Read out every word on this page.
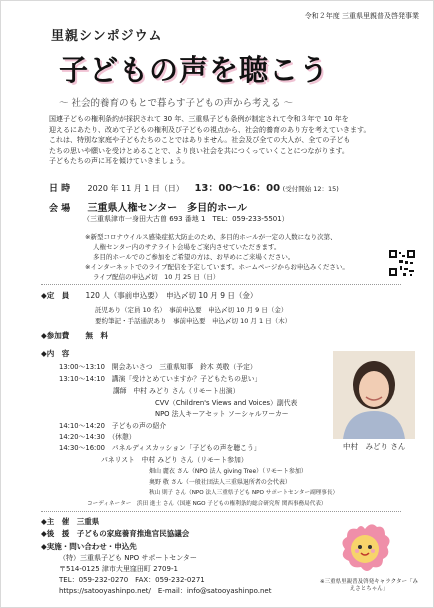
令和２年度 三重県里親普及啓発事業
里親シンポジウム
子どもの声を聴こう
〜 社会的養育のもとで暮らす子どもの声から考える 〜
国連子どもの権利条約が採択されて 30 年、三重県子ども条例が制定されて令和３年で 10 年を
迎えるにあたり、改めて子どもの権利及び子どもの視点から、社会的養育のあり方を考えていきます。
これは、特別な家庭や子どもたちのことではありません。社会及び全ての大人が、全ての子ども
たちの思いや願いを受けとめることで、より良い社会を共につくっていくことにつながります。
子どもたちの声に耳を傾けていきましょう。
日 時 2020 年 11 月 1 日（日） 13：00〜16：00 (受付開始 12：15)
会 場 三重県人権センター　多目的ホール
（三重県津市一身田大古曽 693 番地 1　TEL：059-233-5501）
※新型コロナウイルス感染症拡大防止のため、多目的ホールが一定の人数になり次第、
人権センター内のサテライト会場をご案内させていただきます。
多目的ホールでのご参加をご希望の方は、お早めにご来場ください。
※インターネットでのライブ配信を予定しています。ホームページからお申込みください。
ライブ配信の申込〆切　10 月 25 日（日）
◆定　員 120 人（事前申込要）　申込〆切 10 月 9 日（金）
託児あり（定員 10 名）　事前申込要　申込〆切 10 月 9 日（金）
要約筆記・手話通訳あり　事前申込要　申込〆切 10 月 1 日（木）
◆参加費 無　料
◆内　容
13:00〜13:10　開会あいさつ　三重県知事　鈴木 英敬（予定）
13:10〜14:10　講演「受けとめていますか？子どもたちの思い」
講師　中村 みどり さん（リモート出演）
CVV（Children's Views and Voices）副代表
NPO 法人キーアセット ソーシャルワーカー
14:10〜14:20　子どもの声の紹介
14:20〜14:30　（休憩）
14:30〜16:00　パネルディスカッション「子どもの声を聴こう」
パネリスト　中村 みどり さん（リモート参加）
畑山 麗衣 さん（NPO 法人 giving Tree）（リモート参加）
奥野 敬 さん（一般社団法人三重県退所者の会代表）
秋山 則子 さん（NPO 法人三重県子ども NPO サポートセンター副理事長）
コーディネーター　浜田 進士 さん（国連 NGO 子どもの権利条約総合研究所 関西事務局代表）
中村　みどり さん
◆主　催　三重県
◆後　援　子どもの家庭養育推進官民協議会
◆実施・問い合わせ・申込先
（特）三重県子ども NPO サポートセンター
〒514-0125 津市大里窪田町 2709-1
TEL：059-232-0270　FAX：059-232-0271
https://satooyashinpo.net/　E-mail：info@satooyashinpo.net
※三重県里親普及啓発キャラクター「みえさとちゃん」
